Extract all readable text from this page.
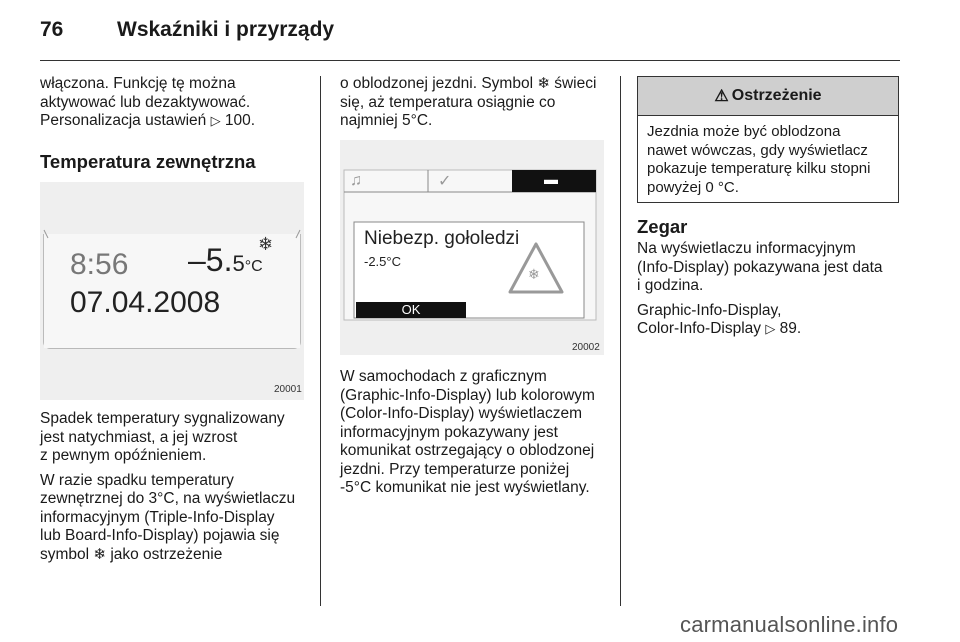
76	Wskaźniki i przyrządy

włączona. Funkcję tę można
aktywować lub dezaktywować.
Personalizacja ustawień ▷ 100.

Temperatura zewnętrzna
8:56 –5.5°C
❄
07.04.2008
20001

Spadek temperatury sygnalizowany
jest natychmiast, a jej wzrost
z pewnym opóźnieniem.

W razie spadku temperatury
zewnętrznej do 3°C, na wyświetlaczu
informacyjnym (Triple-Info-Display
lub Board-Info-Display) pojawia się
symbol ❄ jako ostrzeżenie

o oblodzonej jezdni. Symbol ❄ świeci
się, aż temperatura osiągnie co
najmniej 5°C.

♫	✓	▬
Niebezp. gołoledzi
-2.5°C
❄
OK
20002

W samochodach z graficznym
(Graphic-Info-Display) lub kolorowym
(Color-Info-Display) wyświetlaczem
informacyjnym pokazywany jest
komunikat ostrzegający o oblodzonej
jezdni. Przy temperaturze poniżej
-5°C komunikat nie jest wyświetlany.

⚠ Ostrzeżenie
Jezdnia może być oblodzona
nawet wówczas, gdy wyświetlacz
pokazuje temperaturę kilku stopni
powyżej 0 °C.
Zegar

Na wyświetlaczu informacyjnym
(Info-Display) pokazywana jest data
i godzina.

Graphic-Info-Display,
Color-Info-Display ▷ 89.

carmanualsonline.info
